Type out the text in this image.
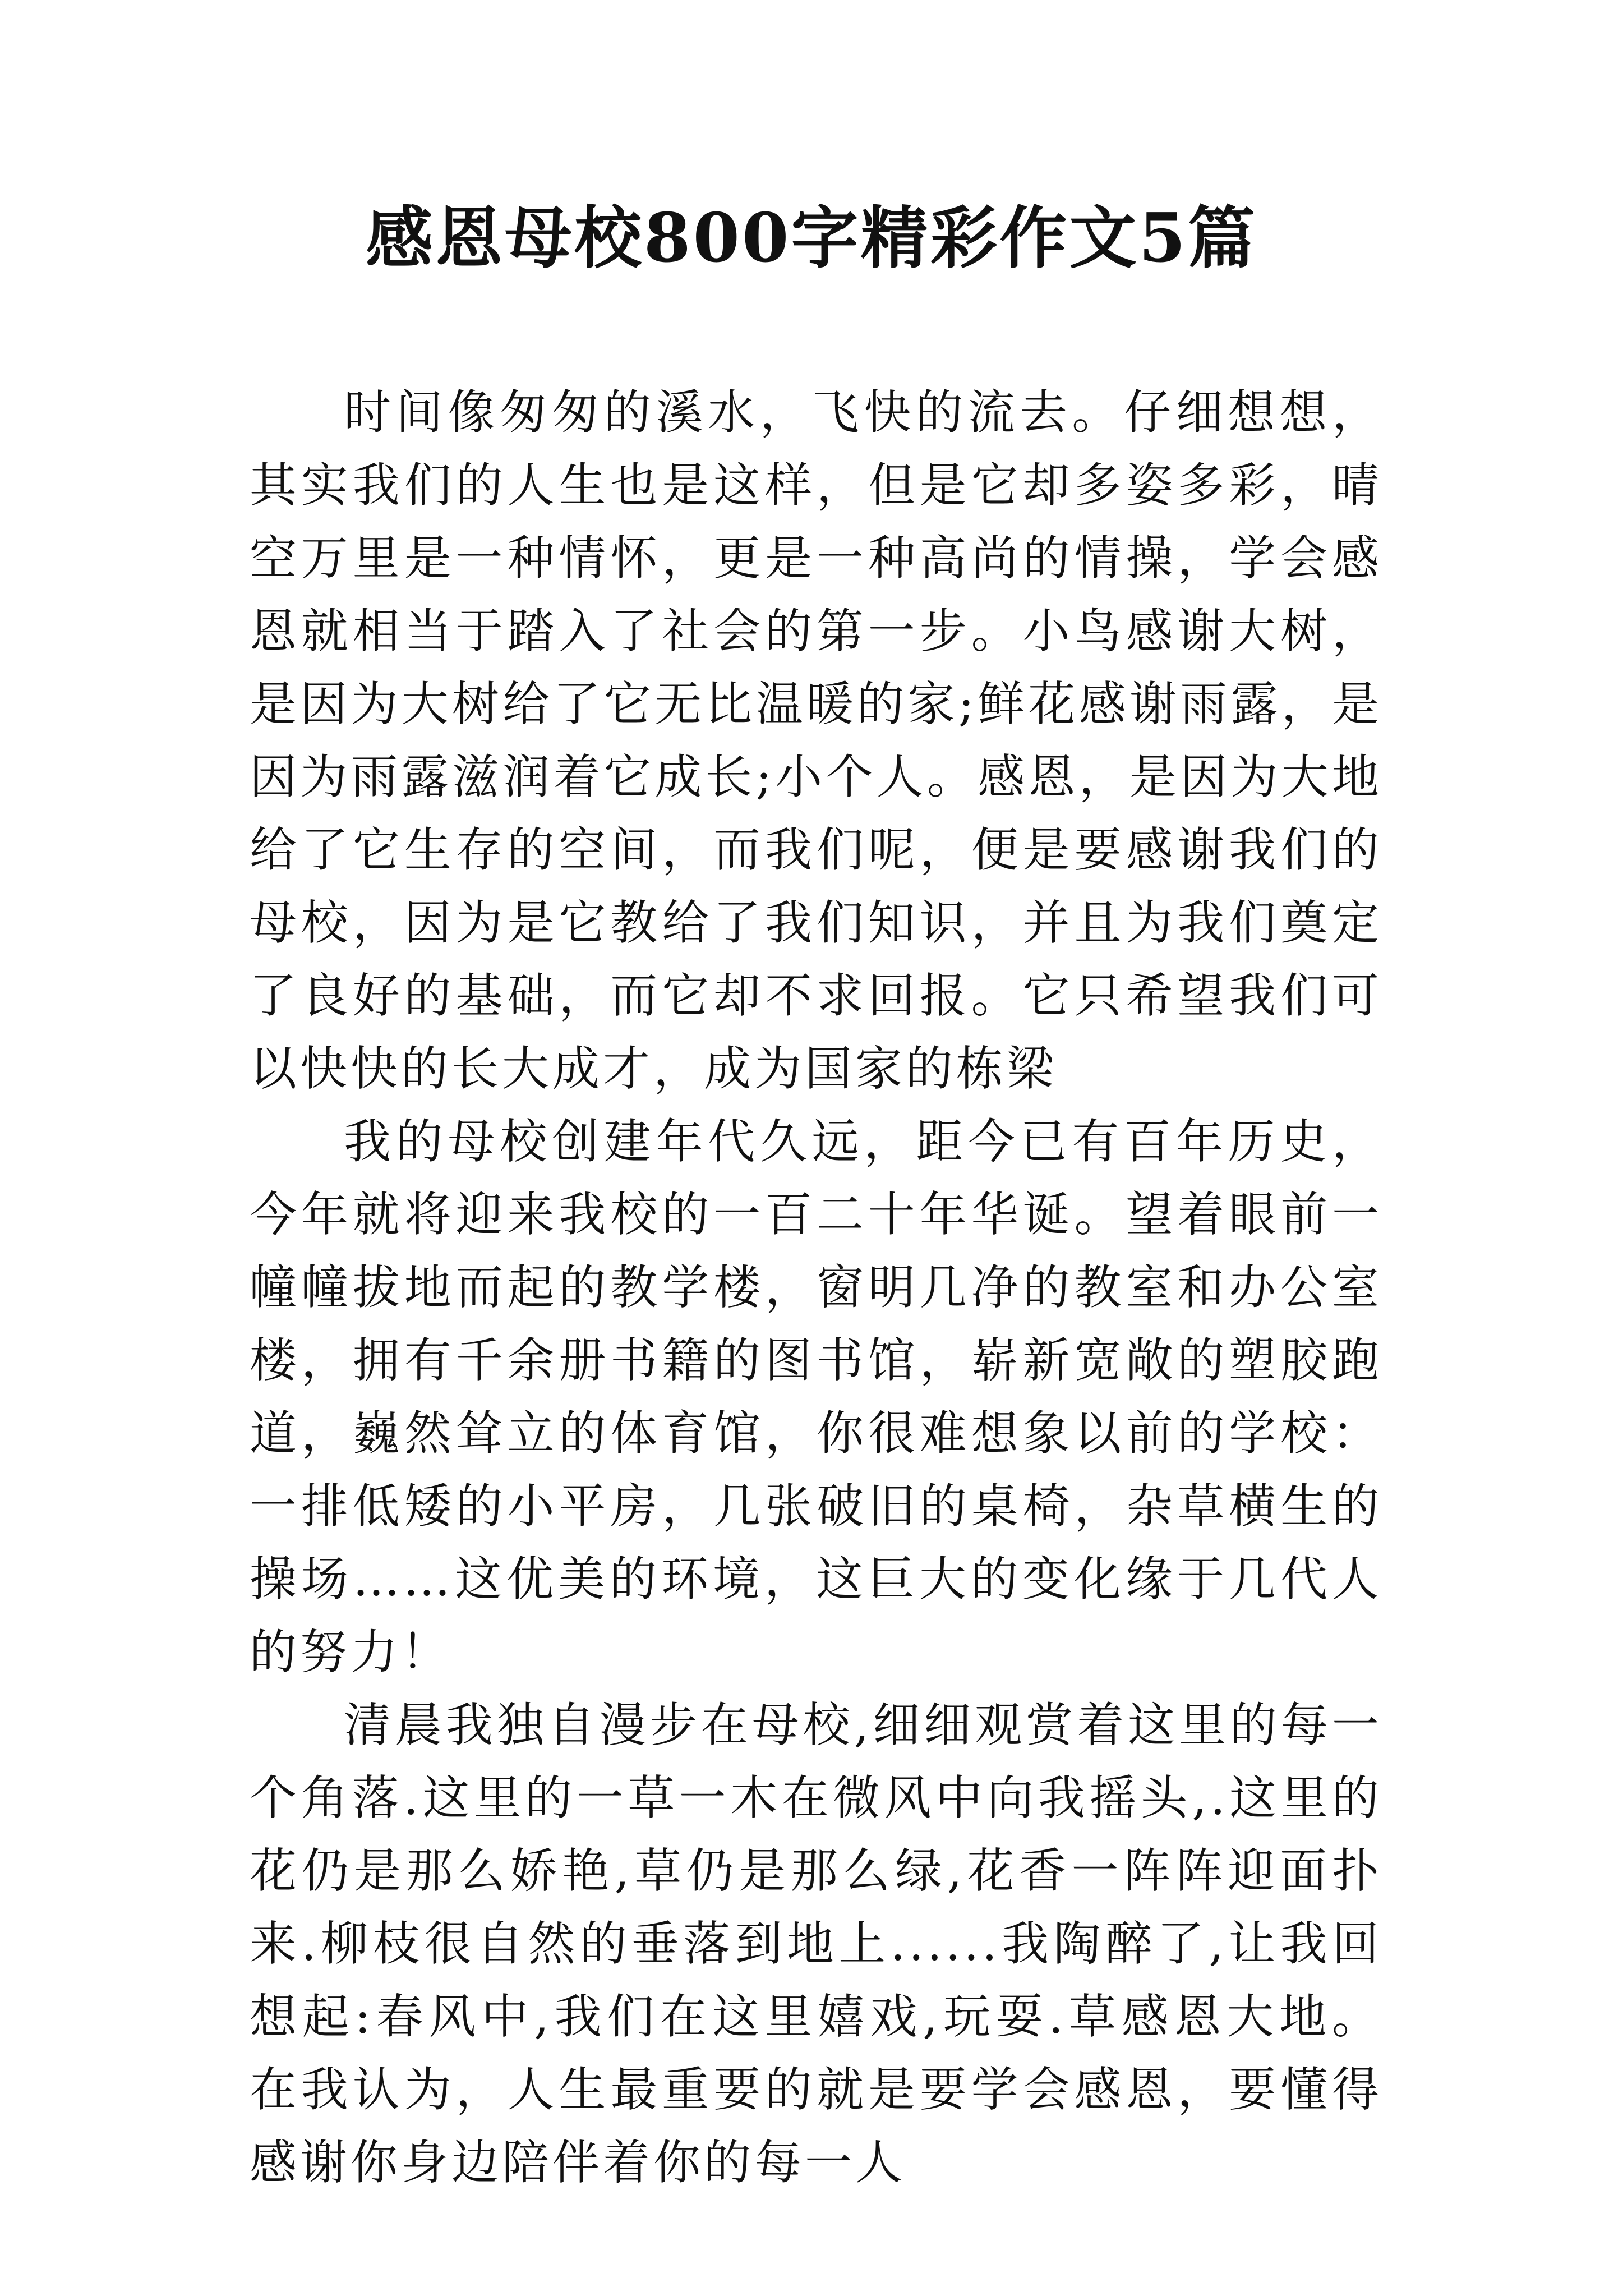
感恩母校800字精彩作文5篇

时间像匆匆的溪水，飞快的流去。仔细想想，其实我们的人生也是这样，但是它却多姿多彩，晴空万里是一种情怀，更是一种高尚的情操，学会感恩就相当于踏入了社会的第一步。小鸟感谢大树，是因为大树给了它无比温暖的家;鲜花感谢雨露，是因为雨露滋润着它成长;小个人。感恩，是因为大地给了它生存的空间，而我们呢，便是要感谢我们的母校，因为是它教给了我们知识，并且为我们奠定了良好的基础，而它却不求回报。它只希望我们可以快快的长大成才，成为国家的栋梁

我的母校创建年代久远，距今已有百年历史，今年就将迎来我校的一百二十年华诞。望着眼前一幢幢拔地而起的教学楼，窗明几净的教室和办公室楼，拥有千余册书籍的图书馆，崭新宽敞的塑胶跑道，巍然耸立的体育馆，你很难想象以前的学校：一排低矮的小平房，几张破旧的桌椅，杂草横生的操场……这优美的环境，这巨大的变化缘于几代人的努力！

清晨我独自漫步在母校,细细观赏着这里的每一个角落.这里的一草一木在微风中向我摇头,.这里的花仍是那么娇艳,草仍是那么绿,花香一阵阵迎面扑来.柳枝很自然的垂落到地上......我陶醉了,让我回想起:春风中,我们在这里嬉戏,玩耍.草感恩大地。在我认为，人生最重要的就是要学会感恩，要懂得感谢你身边陪伴着你的每一人
